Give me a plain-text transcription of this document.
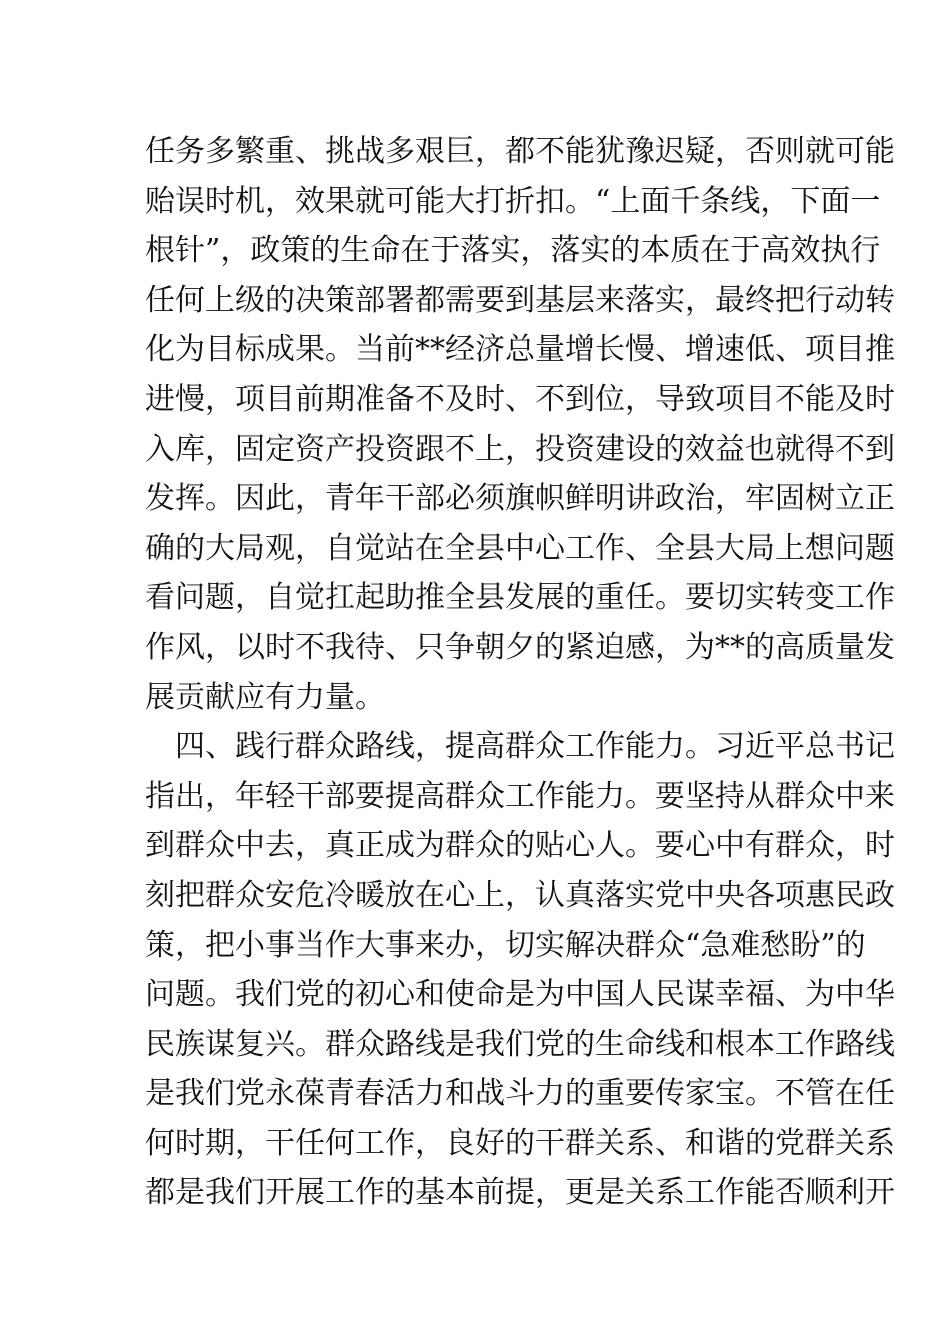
任务多繁重、挑战多艰巨，都不能犹豫迟疑，否则就可能
贻误时机，效果就可能大打折扣。“上面千条线，下面一
根针”，政策的生命在于落实，落实的本质在于高效执行
任何上级的决策部署都需要到基层来落实，最终把行动转
化为目标成果。当前**经济总量增长慢、增速低、项目推
进慢，项目前期准备不及时、不到位，导致项目不能及时
入库，固定资产投资跟不上，投资建设的效益也就得不到
发挥。因此，青年干部必须旗帜鲜明讲政治，牢固树立正
确的大局观，自觉站在全县中心工作、全县大局上想问题
看问题，自觉扛起助推全县发展的重任。要切实转变工作
作风，以时不我待、只争朝夕的紧迫感，为**的高质量发
展贡献应有力量。
四、践行群众路线，提高群众工作能力。习近平总书记
指出，年轻干部要提高群众工作能力。要坚持从群众中来
到群众中去，真正成为群众的贴心人。要心中有群众，时
刻把群众安危冷暖放在心上，认真落实党中央各项惠民政
策，把小事当作大事来办，切实解决群众“急难愁盼”的
问题。我们党的初心和使命是为中国人民谋幸福、为中华
民族谋复兴。群众路线是我们党的生命线和根本工作路线
是我们党永葆青春活力和战斗力的重要传家宝。不管在任
何时期，干任何工作，良好的干群关系、和谐的党群关系
都是我们开展工作的基本前提，更是关系工作能否顺利开
